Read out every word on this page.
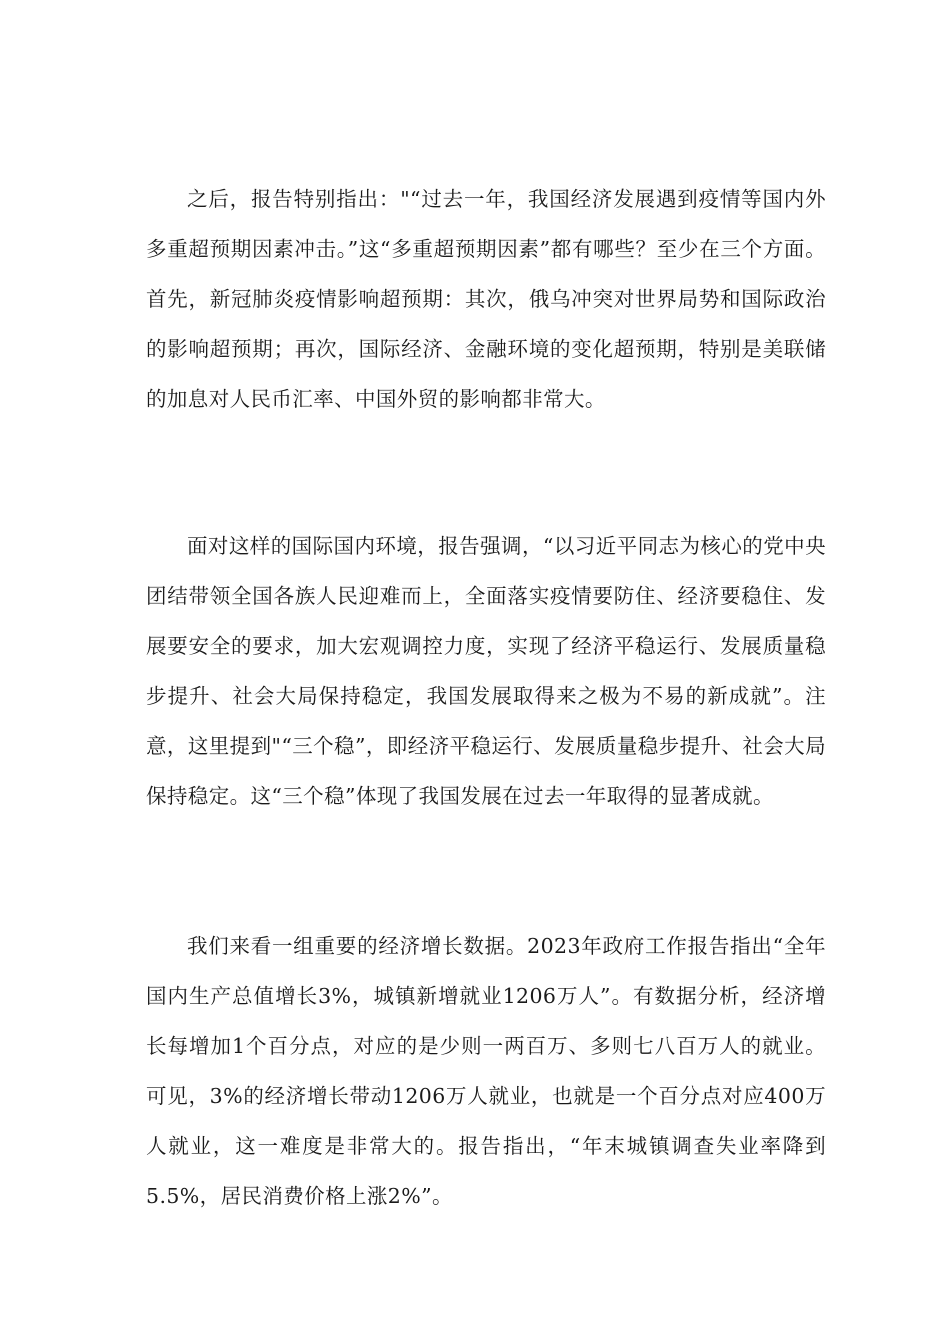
之后，报告特别指出："“过去一年，我国经济发展遇到疫情等国内外多重超预期因素冲击。”这“多重超预期因素”都有哪些？至少在三个方面。首先，新冠肺炎疫情影响超预期：其次，俄乌冲突对世界局势和国际政治的影响超预期；再次，国际经济、金融环境的变化超预期，特别是美联储的加息对人民币汇率、中国外贸的影响都非常大。

面对这样的国际国内环境，报告强调，“以习近平同志为核心的党中央团结带领全国各族人民迎难而上，全面落实疫情要防住、经济要稳住、发展要安全的要求，加大宏观调控力度，实现了经济平稳运行、发展质量稳步提升、社会大局保持稳定，我国发展取得来之极为不易的新成就”。注意，这里提到"“三个稳”，即经济平稳运行、发展质量稳步提升、社会大局保持稳定。这“三个稳”体现了我国发展在过去一年取得的显著成就。

我们来看一组重要的经济增长数据。2023年政府工作报告指出“全年国内生产总值增长3%，城镇新增就业1206万人”。有数据分析，经济增长每增加1个百分点，对应的是少则一两百万、多则七八百万人的就业。可见，3%的经济增长带动1206万人就业，也就是一个百分点对应400万人就业，这一难度是非常大的。报告指出，“年末城镇调查失业率降到5.5%，居民消费价格上涨2%”。
